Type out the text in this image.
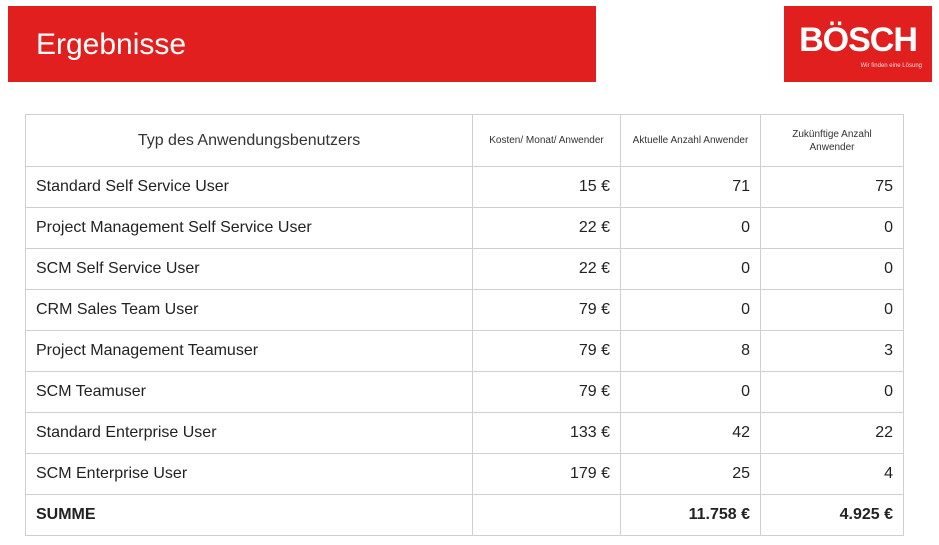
Ergebnisse	BÖSCH
Wir finden eine Lösung
Typ des Anwendungsbenutzers	Kosten/ Monat/ Anwender	Aktuelle Anzahl Anwender	Zukünftige Anzahl Anwender
Standard Self Service User	15 €	71	75
Project Management Self Service User	22 €	0	0
SCM Self Service User	22 €	0	0
CRM Sales Team User	79 €	0	0
Project Management Teamuser	79 €	8	3
SCM Teamuser	79 €	0	0
Standard Enterprise User	133 €	42	22
SCM Enterprise User	179 €	25	4
SUMME		11.758 €	4.925 €
